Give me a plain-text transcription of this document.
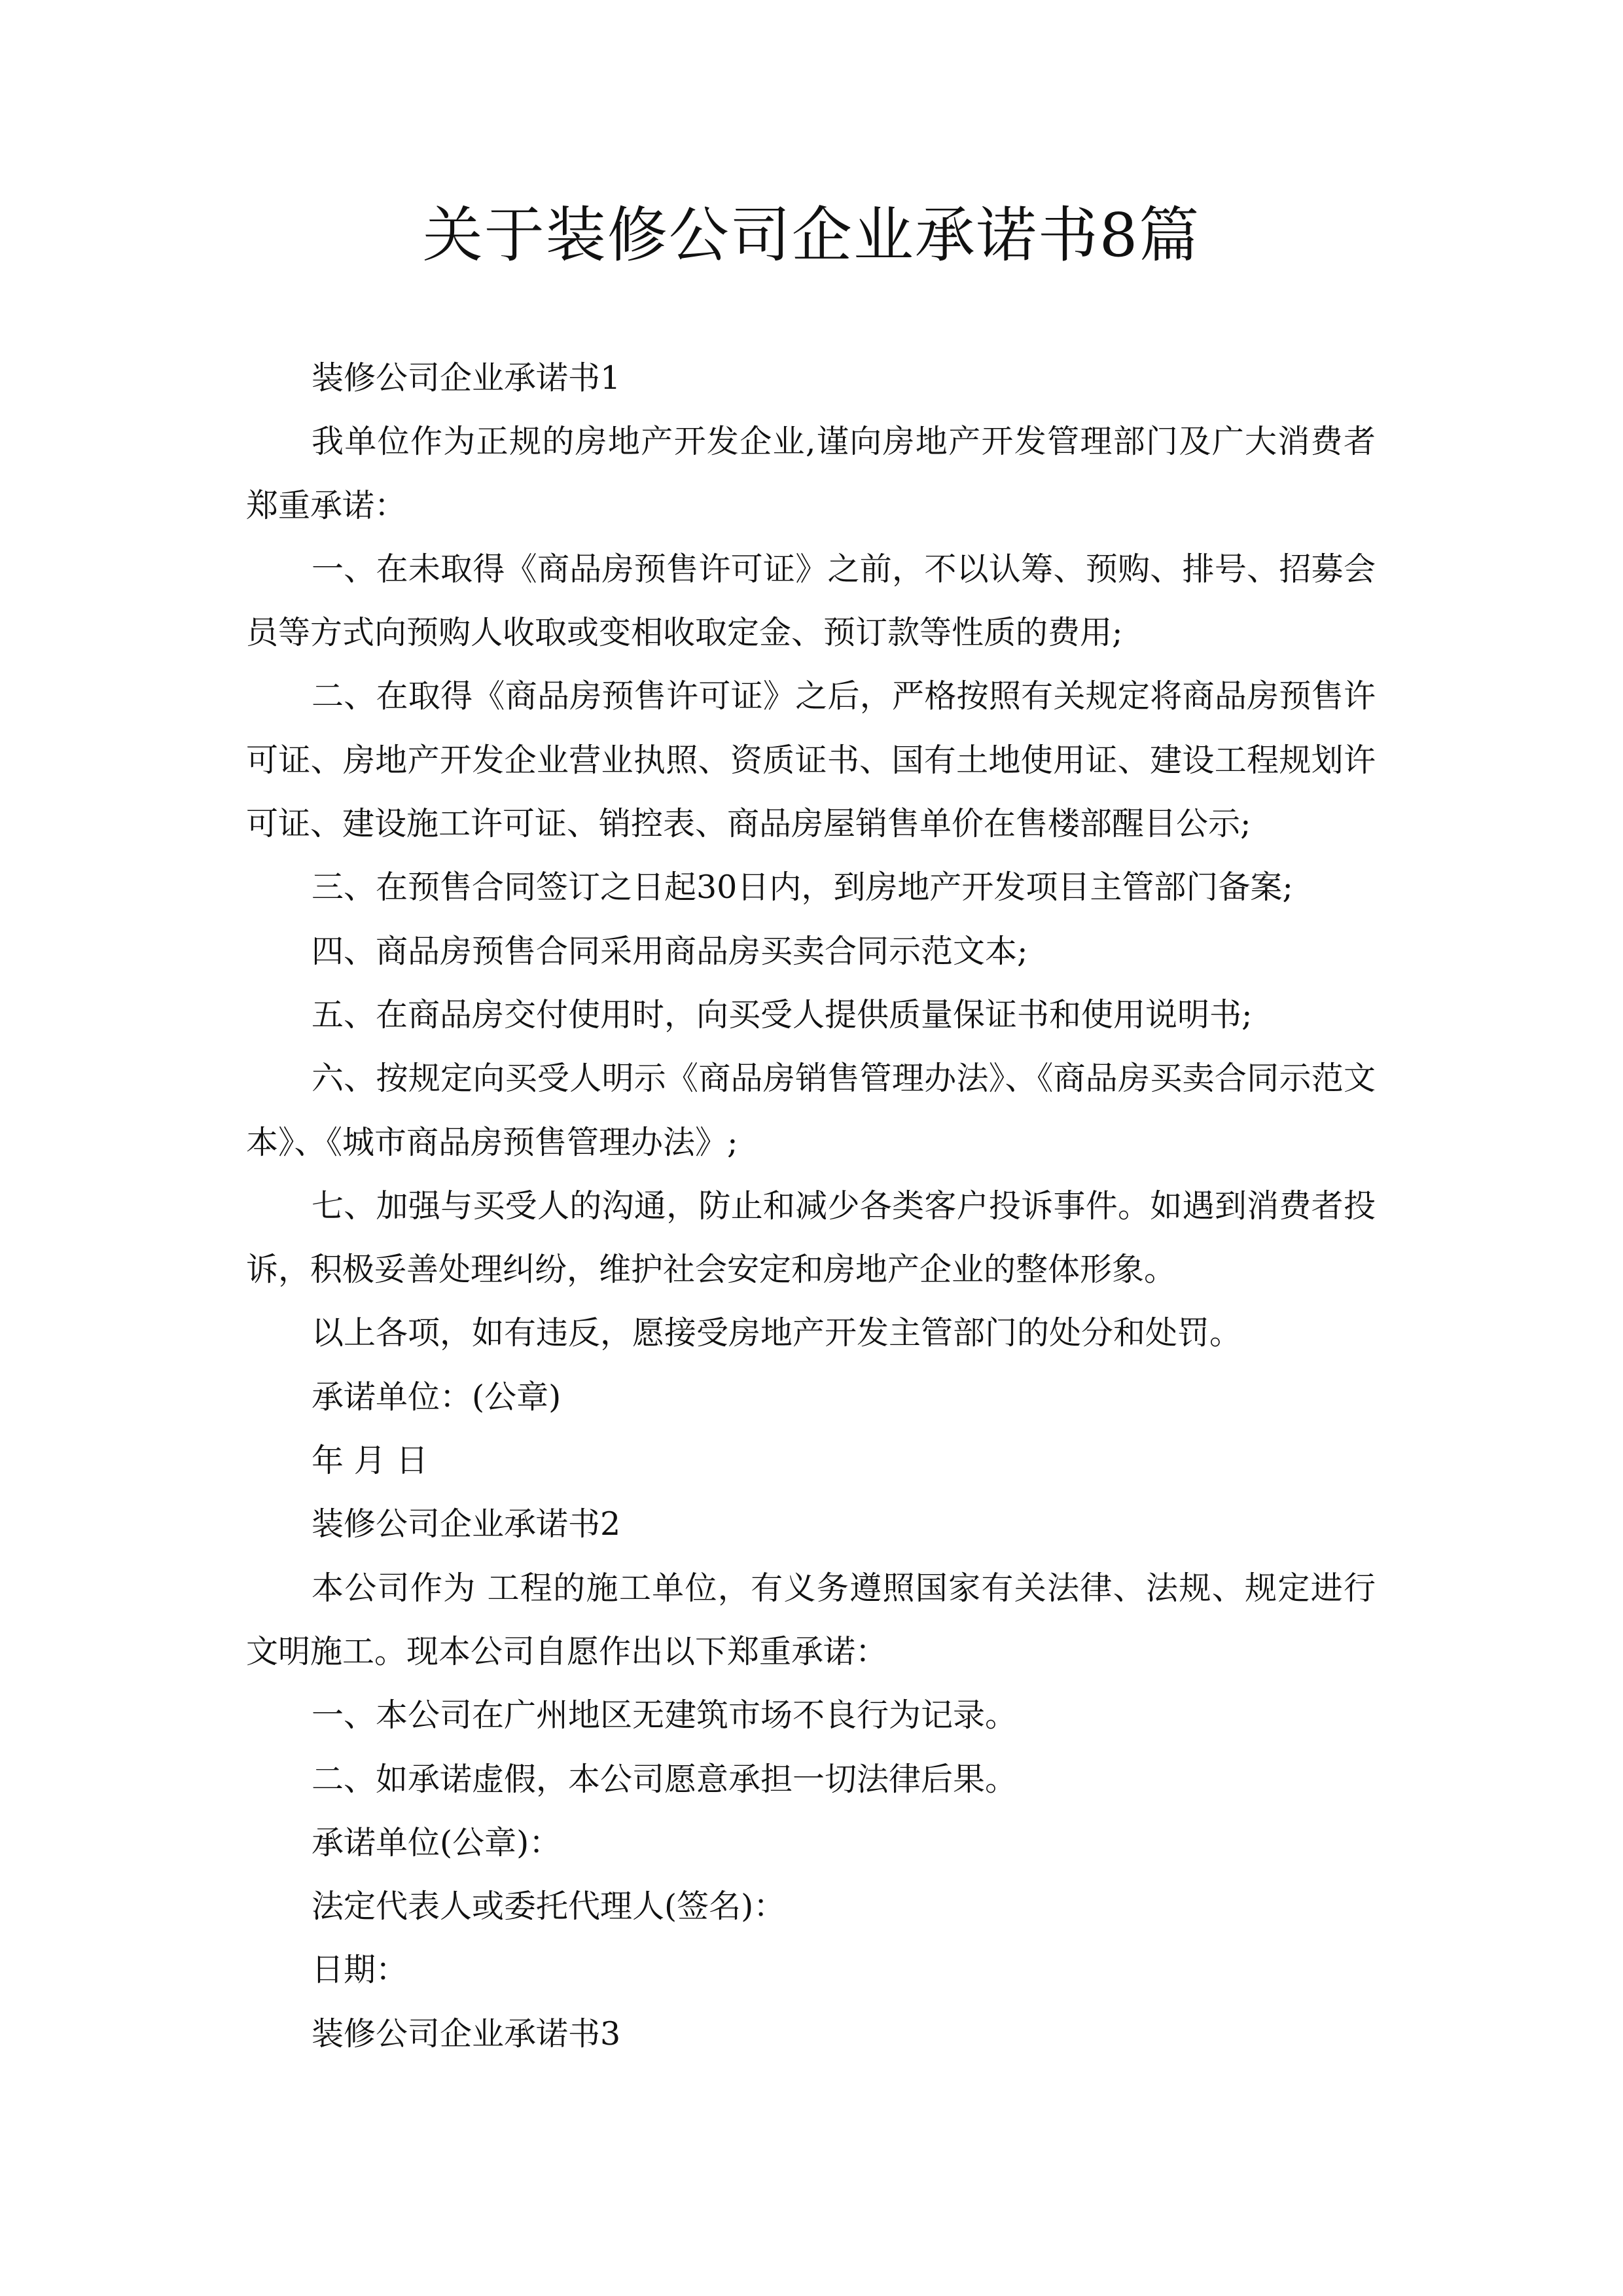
关于装修公司企业承诺书8篇
装修公司企业承诺书1
我单位作为正规的房地产开发企业,谨向房地产开发管理部门及广大消费者
郑重承诺：
一、在未取得《商品房预售许可证》之前，不以认筹、预购、排号、招募会
员等方式向预购人收取或变相收取定金、预订款等性质的费用;
二、在取得《商品房预售许可证》之后，严格按照有关规定将商品房预售许
可证、房地产开发企业营业执照、资质证书、国有土地使用证、建设工程规划许
可证、建设施工许可证、销控表、商品房屋销售单价在售楼部醒目公示;
三、在预售合同签订之日起30日内，到房地产开发项目主管部门备案;
四、商品房预售合同采用商品房买卖合同示范文本;
五、在商品房交付使用时，向买受人提供质量保证书和使用说明书;
六、按规定向买受人明示《商品房销售管理办法》、《商品房买卖合同示范文
本》、《城市商品房预售管理办法》;
七、加强与买受人的沟通，防止和减少各类客户投诉事件。如遇到消费者投
诉，积极妥善处理纠纷，维护社会安定和房地产企业的整体形象。
以上各项，如有违反，愿接受房地产开发主管部门的处分和处罚。
承诺单位：(公章)
年 月 日
装修公司企业承诺书2
本公司作为 工程的施工单位，有义务遵照国家有关法律、法规、规定进行
文明施工。现本公司自愿作出以下郑重承诺：
一、本公司在广州地区无建筑市场不良行为记录。
二、如承诺虚假，本公司愿意承担一切法律后果。
承诺单位(公章)：
法定代表人或委托代理人(签名)：
日期：
装修公司企业承诺书3
